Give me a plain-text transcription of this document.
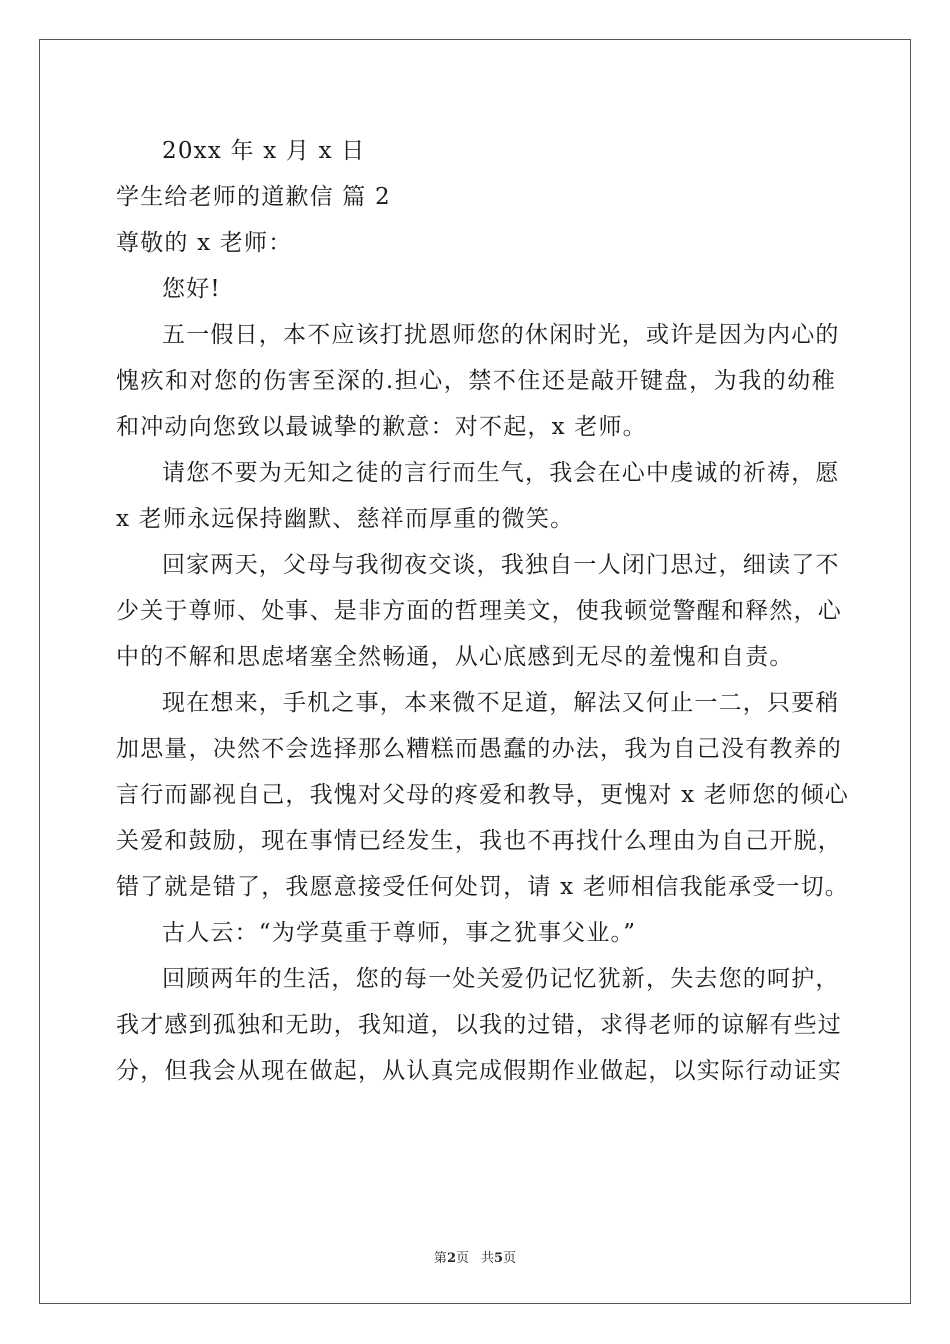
20xx 年 x 月 x 日
学生给老师的道歉信 篇 2
尊敬的 x 老师：
您好!
五一假日，本不应该打扰恩师您的休闲时光，或许是因为内心的
愧疚和对您的伤害至深的.担心，禁不住还是敲开键盘，为我的幼稚
和冲动向您致以最诚挚的歉意：对不起，x 老师。
请您不要为无知之徒的言行而生气，我会在心中虔诚的祈祷，愿
x 老师永远保持幽默、慈祥而厚重的微笑。
回家两天，父母与我彻夜交谈，我独自一人闭门思过，细读了不
少关于尊师、处事、是非方面的哲理美文，使我顿觉警醒和释然，心
中的不解和思虑堵塞全然畅通，从心底感到无尽的羞愧和自责。
现在想来，手机之事，本来微不足道，解法又何止一二，只要稍
加思量，决然不会选择那么糟糕而愚蠢的办法，我为自己没有教养的
言行而鄙视自己，我愧对父母的疼爱和教导，更愧对 x 老师您的倾心
关爱和鼓励，现在事情已经发生，我也不再找什么理由为自己开脱，
错了就是错了，我愿意接受任何处罚，请 x 老师相信我能承受一切。
古人云：“为学莫重于尊师，事之犹事父业。”
回顾两年的生活，您的每一处关爱仍记忆犹新，失去您的呵护，
我才感到孤独和无助，我知道，以我的过错，求得老师的谅解有些过
分，但我会从现在做起，从认真完成假期作业做起，以实际行动证实
第2页 共5页
